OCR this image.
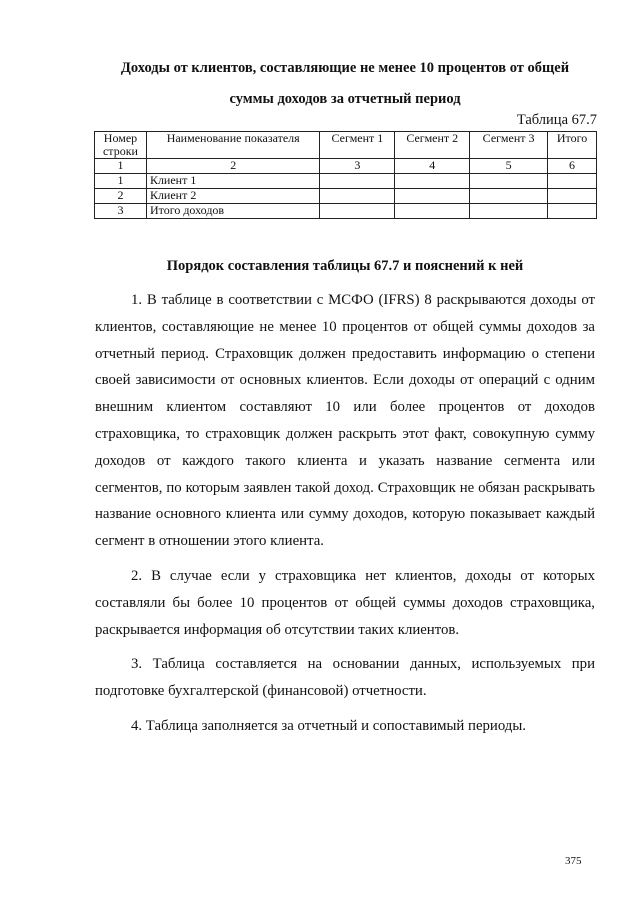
Доходы от клиентов, составляющие не менее 10 процентов от общей
суммы доходов за отчетный период
Таблица 67.7
Номер строки	Наименование показателя	Сегмент 1	Сегмент 2	Сегмент 3	Итого
1	2	3	4	5	6
1	Клиент 1				
2	Клиент 2				
3	Итого доходов				
Порядок составления таблицы 67.7 и пояснений к ней

1. В таблице в соответствии с МСФО (IFRS) 8 раскрываются доходы от клиентов, составляющие не менее 10 процентов от общей суммы доходов за отчетный период. Страховщик должен предоставить информацию о степени своей зависимости от основных клиентов. Если доходы от операций с одним внешним клиентом составляют 10 или более процентов от доходов страховщика, то страховщик должен раскрыть этот факт, совокупную сумму доходов от каждого такого клиента и указать название сегмента или сегментов, по которым заявлен такой доход. Страховщик не обязан раскрывать название основного клиента или сумму доходов, которую показывает каждый сегмент в отношении этого клиента.

2. В случае если у страховщика нет клиентов, доходы от которых составляли бы более 10 процентов от общей суммы доходов страховщика, раскрывается информация об отсутствии таких клиентов.

3. Таблица составляется на основании данных, используемых при подготовке бухгалтерской (финансовой) отчетности.

4. Таблица заполняется за отчетный и сопоставимый периоды.

375
